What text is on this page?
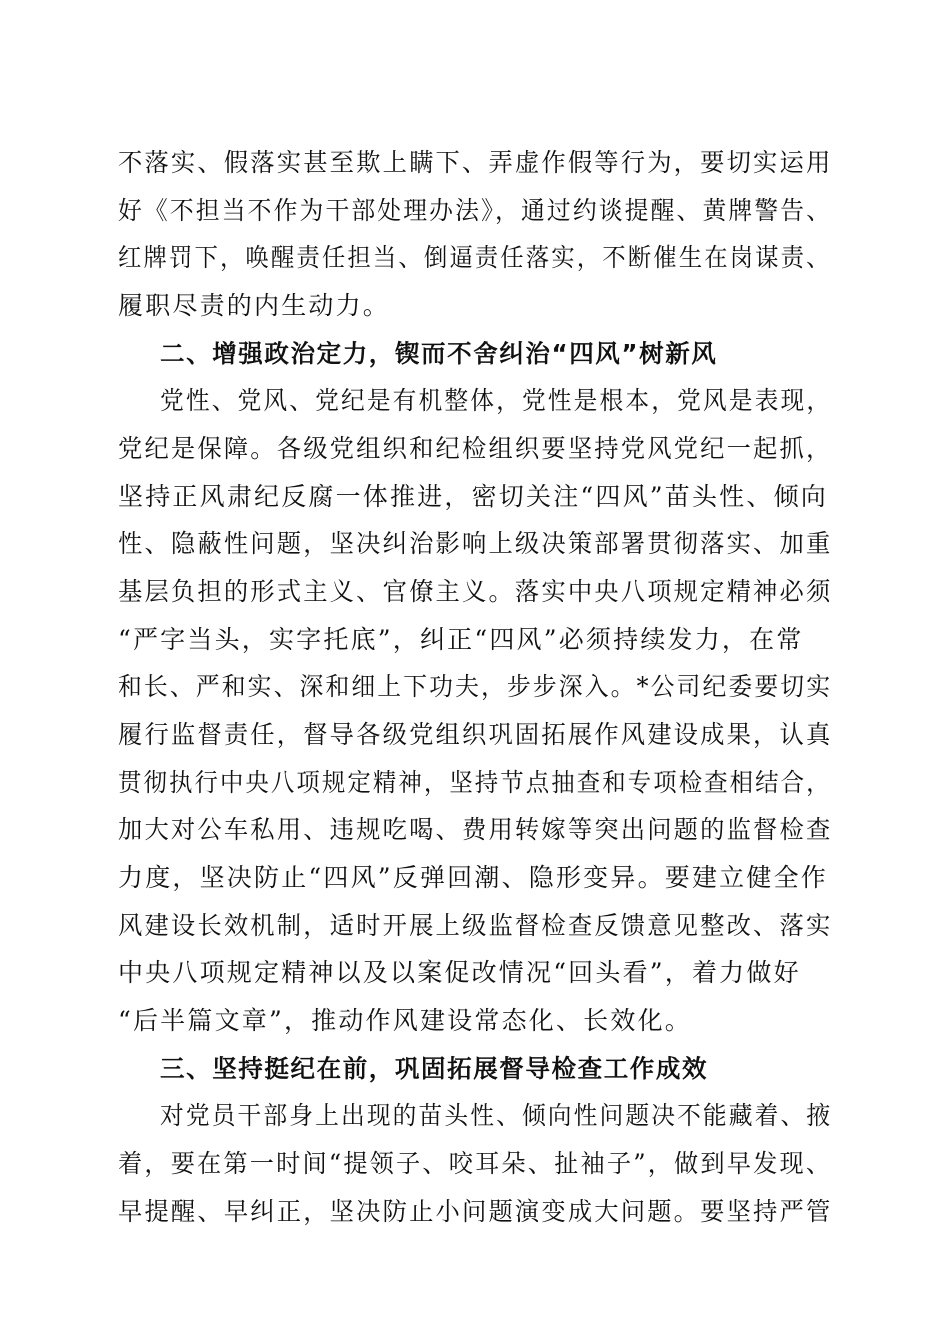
不落实、假落实甚至欺上瞒下、弄虚作假等行为，要切实运用
好《不担当不作为干部处理办法》，通过约谈提醒、黄牌警告、
红牌罚下，唤醒责任担当、倒逼责任落实，不断催生在岗谋责、
履职尽责的内生动力。
二、增强政治定力，锲而不舍纠治“四风”树新风
党性、党风、党纪是有机整体，党性是根本，党风是表现，
党纪是保障。各级党组织和纪检组织要坚持党风党纪一起抓，
坚持正风肃纪反腐一体推进，密切关注“四风”苗头性、倾向
性、隐蔽性问题，坚决纠治影响上级决策部署贯彻落实、加重
基层负担的形式主义、官僚主义。落实中央八项规定精神必须
“严字当头，实字托底”，纠正“四风”必须持续发力，在常
和长、严和实、深和细上下功夫，步步深入。*公司纪委要切实
履行监督责任，督导各级党组织巩固拓展作风建设成果，认真
贯彻执行中央八项规定精神，坚持节点抽查和专项检查相结合，
加大对公车私用、违规吃喝、费用转嫁等突出问题的监督检查
力度，坚决防止“四风”反弹回潮、隐形变异。要建立健全作
风建设长效机制，适时开展上级监督检查反馈意见整改、落实
中央八项规定精神以及以案促改情况“回头看”，着力做好
“后半篇文章”，推动作风建设常态化、长效化。
三、坚持挺纪在前，巩固拓展督导检查工作成效
对党员干部身上出现的苗头性、倾向性问题决不能藏着、掖
着，要在第一时间“提领子、咬耳朵、扯袖子”，做到早发现、
早提醒、早纠正，坚决防止小问题演变成大问题。要坚持严管
